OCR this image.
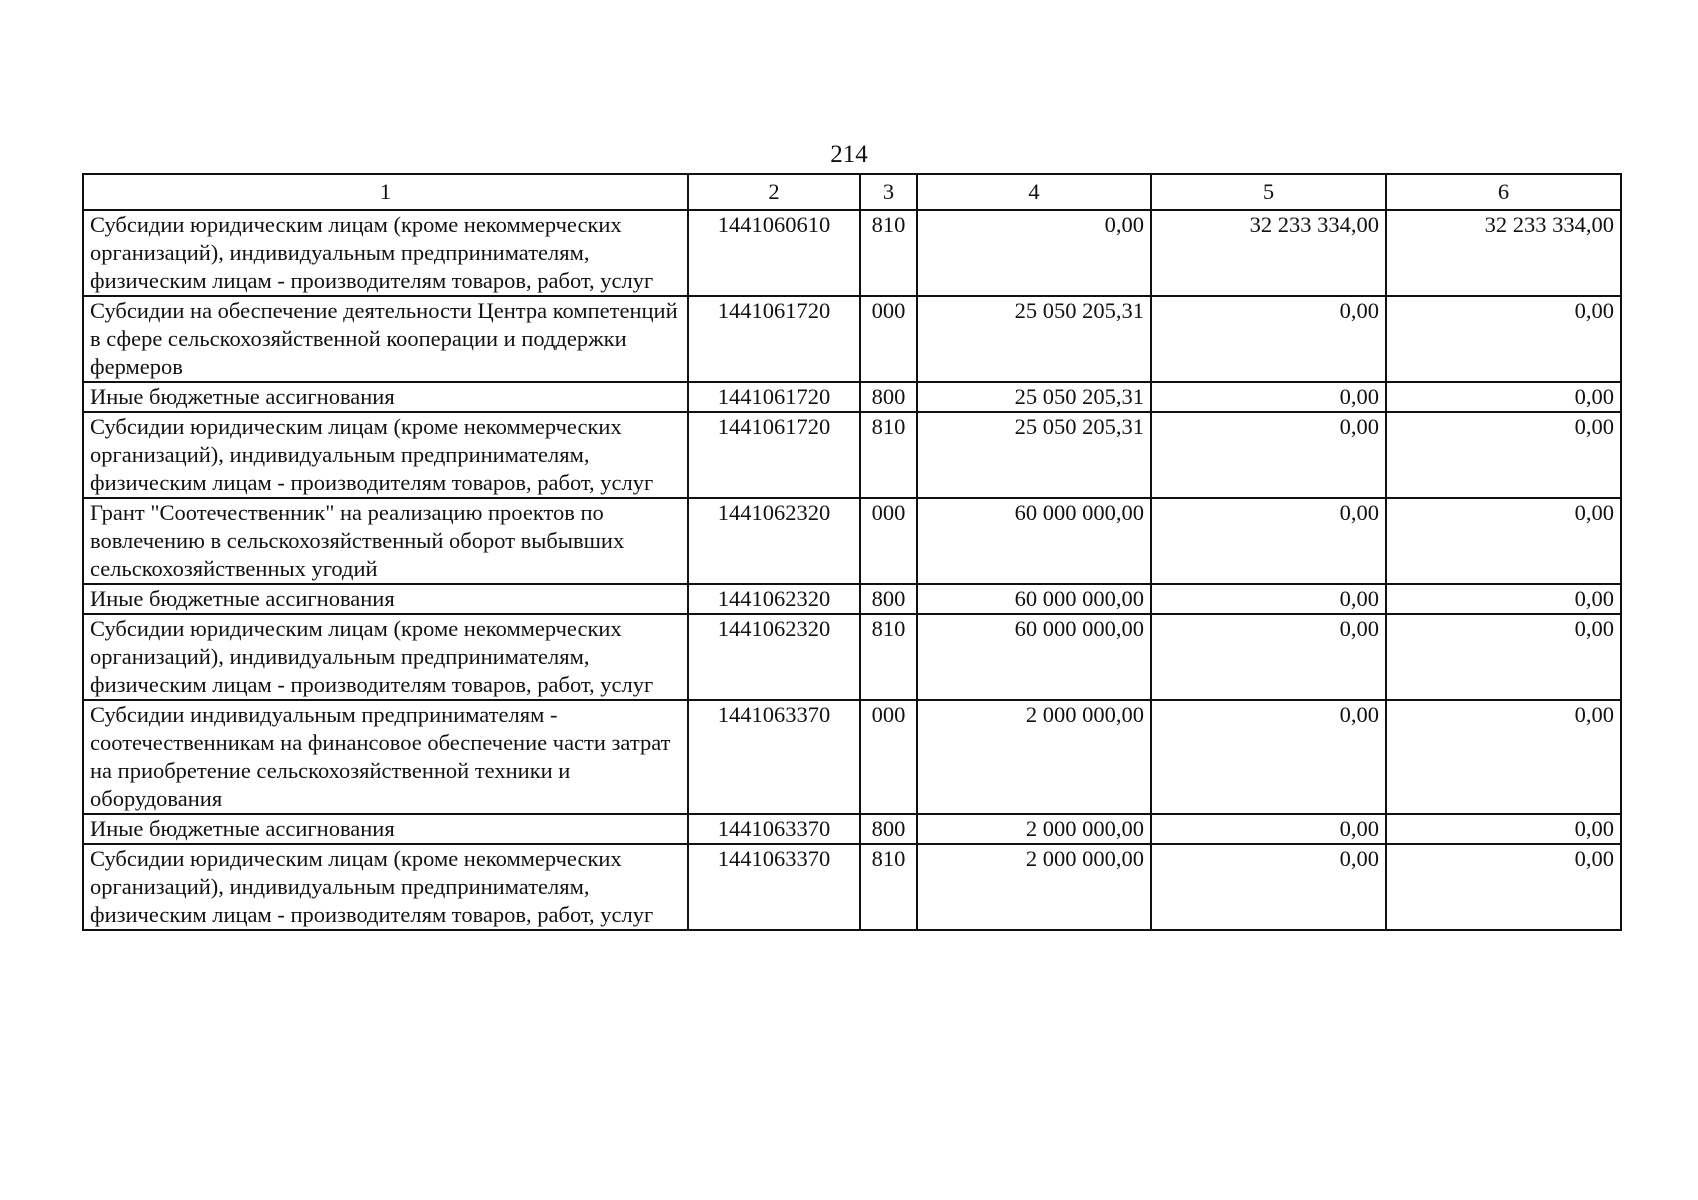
214
1	2	3	4	5	6
Субсидии юридическим лицам (кроме некоммерческих организаций), индивидуальным предпринимателям, физическим лицам - производителям товаров, работ, услуг	1441060610	810	0,00	32 233 334,00	32 233 334,00
Субсидии на обеспечение деятельности Центра компетенций в сфере сельскохозяйственной кооперации и поддержки фермеров	1441061720	000	25 050 205,31	0,00	0,00
Иные бюджетные ассигнования	1441061720	800	25 050 205,31	0,00	0,00
Субсидии юридическим лицам (кроме некоммерческих организаций), индивидуальным предпринимателям, физическим лицам - производителям товаров, работ, услуг	1441061720	810	25 050 205,31	0,00	0,00
Грант "Соотечественник" на реализацию проектов по вовлечению в сельскохозяйственный оборот выбывших сельскохозяйственных угодий	1441062320	000	60 000 000,00	0,00	0,00
Иные бюджетные ассигнования	1441062320	800	60 000 000,00	0,00	0,00
Субсидии юридическим лицам (кроме некоммерческих организаций), индивидуальным предпринимателям, физическим лицам - производителям товаров, работ, услуг	1441062320	810	60 000 000,00	0,00	0,00
Субсидии индивидуальным предпринимателям - соотечественникам на финансовое обеспечение части затрат на приобретение сельскохозяйственной техники и оборудования	1441063370	000	2 000 000,00	0,00	0,00
Иные бюджетные ассигнования	1441063370	800	2 000 000,00	0,00	0,00
Субсидии юридическим лицам (кроме некоммерческих организаций), индивидуальным предпринимателям, физическим лицам - производителям товаров, работ, услуг	1441063370	810	2 000 000,00	0,00	0,00
